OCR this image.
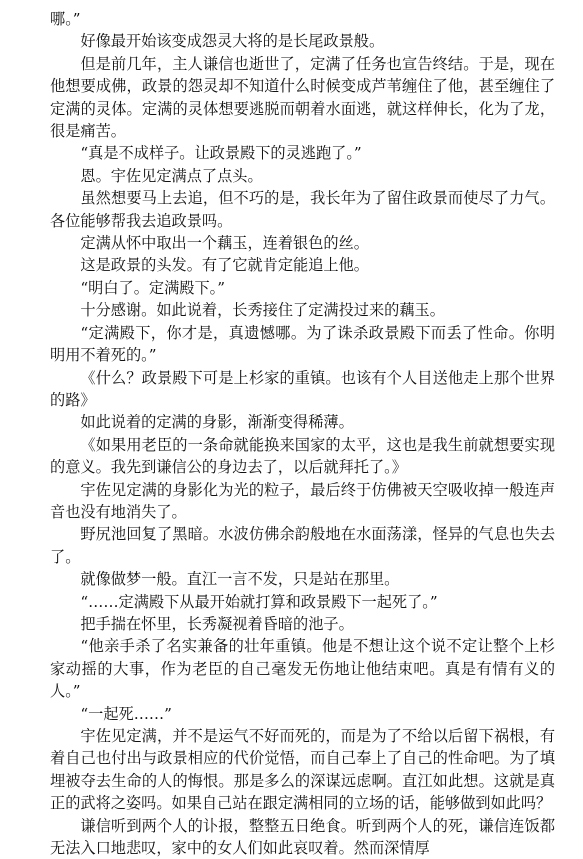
哪。”

好像最开始该变成怨灵大将的是长尾政景般。

但是前几年，主人谦信也逝世了，定满了任务也宣告终结。于是，现在他想要成佛，政景的怨灵却不知道什么时候变成芦苇缠住了他，甚至缠住了定满的灵体。定满的灵体想要逃脱而朝着水面逃，就这样伸长，化为了龙，很是痛苦。

“真是不成样子。让政景殿下的灵逃跑了。”

恩。宇佐见定满点了点头。

虽然想要马上去追，但不巧的是，我长年为了留住政景而使尽了力气。各位能够帮我去追政景吗。

定满从怀中取出一个藕玉，连着银色的丝。

这是政景的头发。有了它就肯定能追上他。

“明白了。定满殿下。”

十分感谢。如此说着，长秀接住了定满投过来的藕玉。

“定满殿下，你才是，真遗憾哪。为了诛杀政景殿下而丢了性命。你明明用不着死的。”

《什么？政景殿下可是上杉家的重镇。也该有个人目送他走上那个世界的路》

如此说着的定满的身影，渐渐变得稀薄。

《如果用老臣的一条命就能换来国家的太平，这也是我生前就想要实现的意义。我先到谦信公的身边去了，以后就拜托了。》

宇佐见定满的身影化为光的粒子，最后终于仿佛被天空吸收掉一般连声音也没有地消失了。

野尻池回复了黑暗。水波仿佛余韵般地在水面荡漾，怪异的气息也失去了。

就像做梦一般。直江一言不发，只是站在那里。

“……定满殿下从最开始就打算和政景殿下一起死了。”

把手揣在怀里，长秀凝视着昏暗的池子。

“他亲手杀了名实兼备的壮年重镇。他是不想让这个说不定让整个上杉家动摇的大事，作为老臣的自己毫发无伤地让他结束吧。真是有情有义的人。”

“一起死……”

宇佐见定满，并不是运气不好而死的，而是为了不给以后留下祸根，有着自己也付出与政景相应的代价觉悟，而自己奉上了自己的性命吧。为了填埋被夺去生命的人的悔恨。那是多么的深谋远虑啊。直江如此想。这就是真正的武将之姿吗。如果自己站在跟定满相同的立场的话，能够做到如此吗？

谦信听到两个人的讣报，整整五日绝食。听到两个人的死，谦信连饭都无法入口地悲叹，家中的女人们如此哀叹着。然而深情厚
